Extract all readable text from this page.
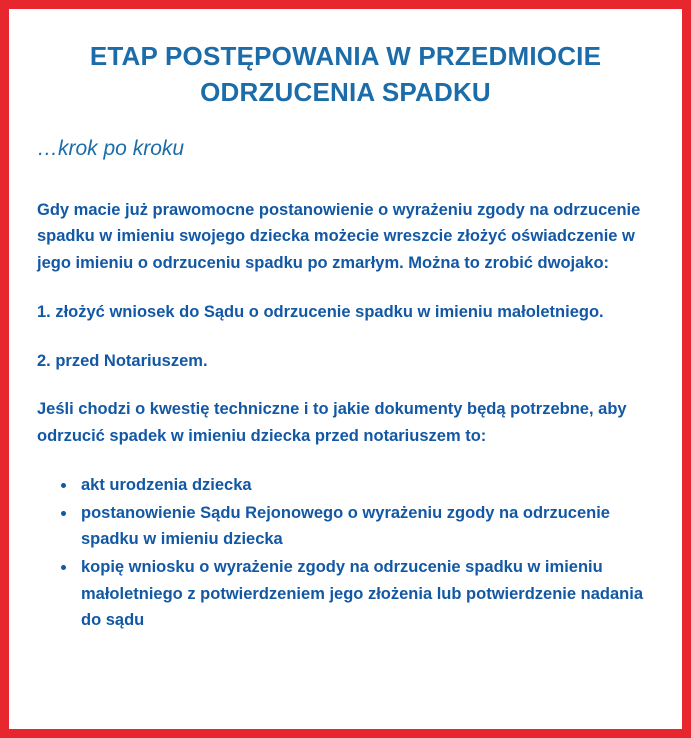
ETAP POSTĘPOWANIA W PRZEDMIOCIE ODRZUCENIA SPADKU
…krok po kroku

Gdy macie już prawomocne postanowienie o wyrażeniu zgody na odrzucenie spadku w imieniu swojego dziecka możecie wreszcie złożyć oświadczenie w jego imieniu o odrzuceniu spadku po zmarłym. Można to zrobić dwojako:

1. złożyć wniosek do Sądu o odrzucenie spadku w imieniu małoletniego.

2. przed Notariuszem.

Jeśli chodzi o kwestię techniczne i to jakie dokumenty będą potrzebne, aby odrzucić spadek w imieniu dziecka przed notariuszem to:

• akt urodzenia dziecka
• postanowienie Sądu Rejonowego o wyrażeniu zgody na odrzucenie spadku w imieniu dziecka
• kopię wniosku o wyrażenie zgody na odrzucenie spadku w imieniu małoletniego z potwierdzeniem jego złożenia lub potwierdzenie nadania do sądu
